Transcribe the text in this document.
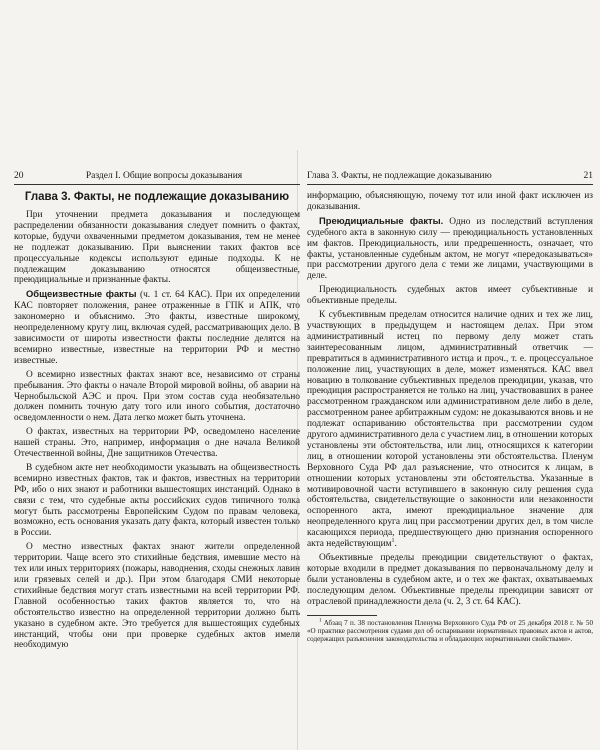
20	Раздел I. Общие вопросы доказывания
Глава 3. Факты, не подлежащие доказыванию

При уточнении предмета доказывания и последующем распределении обязанности доказывания следует помнить о фактах, которые, будучи охваченными предметом доказывания, тем не менее не подлежат доказыванию. При выяснении таких фактов все процессуальные кодексы используют единые подходы. К не подлежащим доказыванию относятся общеизвестные, преюдициальные и признанные факты.

Общеизвестные факты (ч. 1 ст. 64 КАС). При их определении КАС повторяет положения, ранее отраженные в ГПК и АПК, что закономерно и объяснимо. Это факты, известные широкому, неопределенному кругу лиц, включая судей, рассматривающих дело. В зависимости от широты известности факты последние делятся на всемирно известные, известные на территории РФ и местно известные.

О всемирно известных фактах знают все, независимо от страны пребывания. Это факты о начале Второй мировой войны, об аварии на Чернобыльской АЭС и проч. При этом состав суда необязательно должен помнить точную дату того или иного события, достаточно осведомленности о нем. Дата легко может быть уточнена.

О фактах, известных на территории РФ, осведомлено население нашей страны. Это, например, информация о дне начала Великой Отечественной войны, Дне защитников Отечества.

В судебном акте нет необходимости указывать на общеизвестность всемирно известных фактов, так и фактов, известных на территории РФ, ибо о них знают и работники вышестоящих инстанций. Однако в связи с тем, что судебные акты российских судов типичного толка могут быть рассмотрены Европейским Судом по правам человека, возможно, есть основания указать дату факта, который известен только в России.

О местно известных фактах знают жители определенной территории. Чаще всего это стихийные бедствия, имевшие место на тех или иных территориях (пожары, наводнения, сходы снежных лавин или грязевых селей и др.). При этом благодаря СМИ некоторые стихийные бедствия могут стать известными на всей территории РФ. Главной особенностью таких фактов является то, что на обстоятельство известно на определенной территории должно быть указано в судебном акте. Это требуется для вышестоящих судебных инстанций, чтобы они при проверке судебных актов имели необходимую

Глава 3. Факты, не подлежащие доказыванию	21

информацию, объясняющую, почему тот или иной факт исключен из доказывания.

Преюдициальные факты. Одно из последствий вступления судебного акта в законную силу — преюдициальность установленных им фактов. Преюдициальность, или предрешенность, означает, что факты, установленные судебным актом, не могут «передоказываться» при рассмотрении другого дела с теми же лицами, участвующими в деле.

Преюдициальность судебных актов имеет субъективные и объективные пределы.

К субъективным пределам относится наличие одних и тех же лиц, участвующих в предыдущем и настоящем делах. При этом административный истец по первому делу может стать заинтересованным лицом, административный ответчик — превратиться в административного истца и проч., т. е. процессуальное положение лиц, участвующих в деле, может изменяться. КАС ввел новацию в толкование субъективных пределов преюдиции, указав, что преюдиция распространяется не только на лиц, участвовавших в ранее рассмотренном гражданском или административном деле либо в деле, рассмотренном ранее арбитражным судом: не доказываются вновь и не подлежат оспариванию обстоятельства при рассмотрении судом другого административного дела с участием лиц, в отношении которых установлены эти обстоятельства, или лиц, относящихся к категории лиц, в отношении которой установлены эти обстоятельства. Пленум Верховного Суда РФ дал разъяснение, что относится к лицам, в отношении которых установлены эти обстоятельства. Указанные в мотивировочной части вступившего в законную силу решения суда обстоятельства, свидетельствующие о законности или незаконности оспоренного акта, имеют преюдициальное значение для неопределенного круга лиц при рассмотрении других дел, в том числе касающихся периода, предшествующего дню признания оспоренного акта недействующим$^1$.

Объективные пределы преюдиции свидетельствуют о фактах, которые входили в предмет доказывания по первоначальному делу и были установлены в судебном акте, и о тех же фактах, охватываемых последующим делом. Объективные пределы преюдиции зависят от отраслевой принадлежности дела (ч. 2, 3 ст. 64 КАС).

$^1$ Абзац 7 п. 38 постановления Пленума Верховного Суда РФ от 25 декабря 2018 г. № 50 «О практике рассмотрения судами дел об оспаривании нормативных правовых актов и актов, содержащих разъяснения законодательства и обладающих нормативными свойствами».
